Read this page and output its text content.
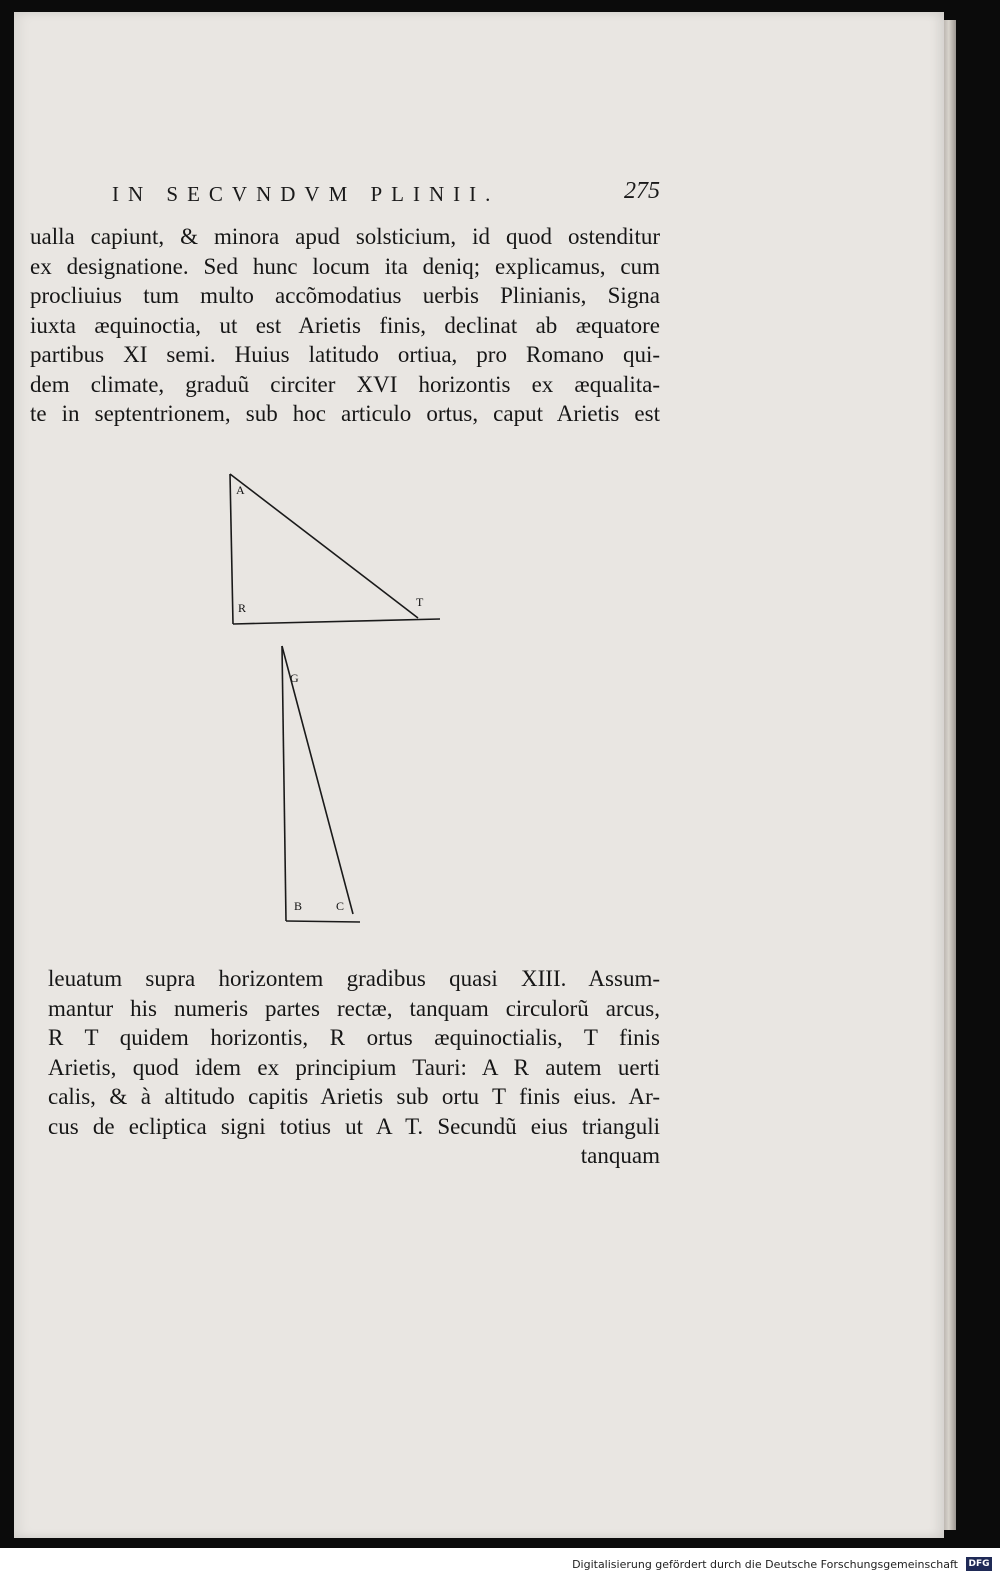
IN SECVNDVM PLINII.	275
ualla capiunt, & minora apud solsticium, id quod ostenditur
ex designatione. Sed hunc locum ita deniq; explicamus, cum
procliuius tum multo accõmodatius uerbis Plinianis, Signa
iuxta æquinoctia, ut est Arietis finis, declinat ab æquatore
partibus XI semi. Huius latitudo ortiua, pro Romano qui-
dem climate, graduũ circiter XVI horizontis ex æqualita-
te in septentrionem, sub hoc articulo ortus, caput Arietis est
A
R	T
G
B	C
leuatum supra horizontem gradibus quasi XIII. Assum-
mantur his numeris partes rectæ, tanquam circulorũ arcus,
R T quidem horizontis, R ortus æquinoctialis, T finis
Arietis, quod idem ex principium Tauri: A R autem uerti
calis, & à altitudo capitis Arietis sub ortu T finis eius. Ar-
cus de ecliptica signi totius ut A T. Secundũ eius trianguli
tanquam
Digitalisierung gefördert durch die Deutsche Forschungsgemeinschaft DFG
